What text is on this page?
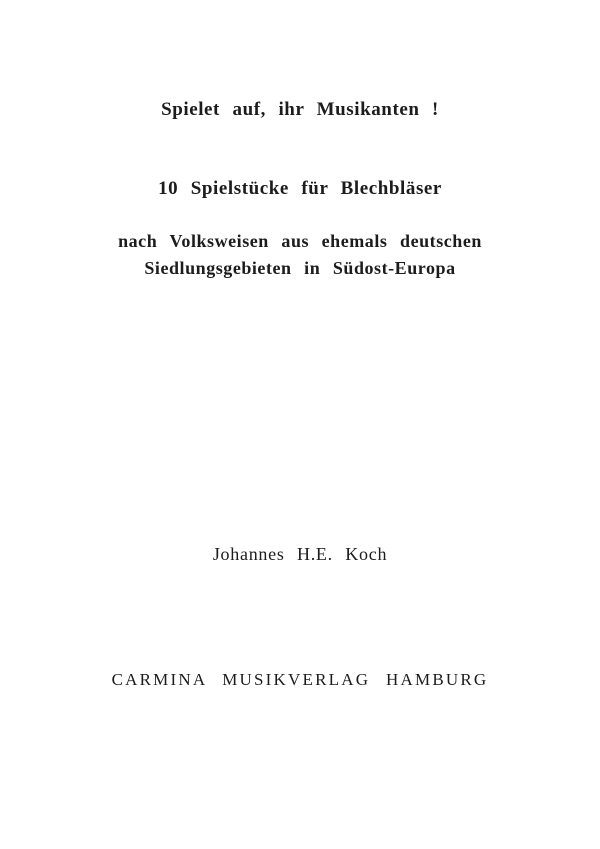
Spielet auf, ihr Musikanten !
10 Spielstücke für Blechbläser
nach Volksweisen aus ehemals deutschen
Siedlungsgebieten in Südost-Europa
Johannes H.E. Koch
CARMINA MUSIKVERLAG HAMBURG
